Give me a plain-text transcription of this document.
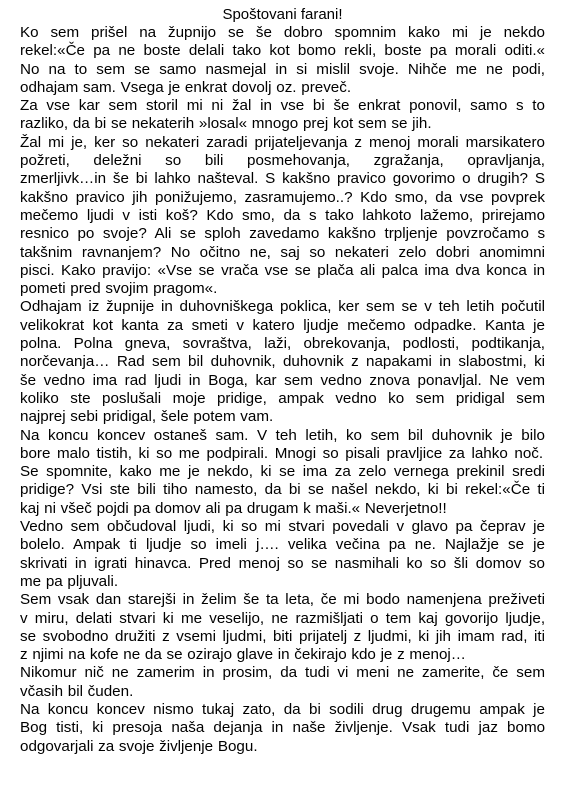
Spoštovani farani!
Ko sem prišel na župnijo se še dobro spomnim kako mi je nekdo
rekel:«Če pa ne boste delali tako kot bomo rekli, boste pa morali oditi.«
No na to sem se samo nasmejal in si mislil svoje. Nihče me ne podi,
odhajam sam. Vsega je enkrat dovolj oz. preveč.
Za vse kar sem storil mi ni žal in vse bi še enkrat ponovil, samo s to
razliko, da bi se nekaterih »losal« mnogo prej kot sem se jih.
Žal mi je, ker so nekateri zaradi prijateljevanja z menoj morali marsikatero
požreti, deležni so bili posmehovanja, zgražanja, opravljanja,
zmerljivk…in še bi lahko našteval. S kakšno pravico govorimo o drugih? S
kakšno pravico jih ponižujemo, zasramujemo..? Kdo smo, da vse povprek
mečemo ljudi v isti koš? Kdo smo, da s tako lahkoto lažemo, prirejamo
resnico po svoje? Ali se sploh zavedamo kakšno trpljenje povzročamo s
takšnim ravnanjem? No očitno ne, saj so nekateri zelo dobri anomimni
pisci. Kako pravijo: «Vse se vrača vse se plača ali palca ima dva konca in
pometi pred svojim pragom«.
Odhajam iz župnije in duhovniškega poklica, ker sem se v teh letih počutil
velikokrat kot kanta za smeti v katero ljudje mečemo odpadke. Kanta je
polna. Polna gneva, sovraštva, laži, obrekovanja, podlosti, podtikanja,
norčevanja… Rad sem bil duhovnik, duhovnik z napakami in slabostmi, ki
še vedno ima rad ljudi in Boga, kar sem vedno znova ponavljal. Ne vem
koliko ste poslušali moje pridige, ampak vedno ko sem pridigal sem
najprej sebi pridigal, šele potem vam.
Na koncu koncev ostaneš sam. V teh letih, ko sem bil duhovnik je bilo
bore malo tistih, ki so me podpirali. Mnogi so pisali pravljice za lahko noč.
Se spomnite, kako me je nekdo, ki se ima za zelo vernega prekinil sredi
pridige? Vsi ste bili tiho namesto, da bi se našel nekdo, ki bi rekel:«Če ti
kaj ni všeč pojdi pa domov ali pa drugam k maši.« Neverjetno!!
Vedno sem občudoval ljudi, ki so mi stvari povedali v glavo pa čeprav je
bolelo. Ampak ti ljudje so imeli j…. velika večina pa ne. Najlažje se je
skrivati in igrati hinavca. Pred menoj so se nasmihali ko so šli domov so
me pa pljuvali.
Sem vsak dan starejši in želim še ta leta, če mi bodo namenjena preživeti
v miru, delati stvari ki me veselijo, ne razmišljati o tem kaj govorijo ljudje,
se svobodno družiti z vsemi ljudmi, biti prijatelj z ljudmi, ki jih imam rad, iti
z njimi na kofe ne da se ozirajo glave in čekirajo kdo je z menoj…
Nikomur nič ne zamerim in prosim, da tudi vi meni ne zamerite, če sem
včasih bil čuden.
Na koncu koncev nismo tukaj zato, da bi sodili drug drugemu ampak je
Bog tisti, ki presoja naša dejanja in naše življenje. Vsak tudi jaz bomo
odgovarjali za svoje življenje Bogu.
